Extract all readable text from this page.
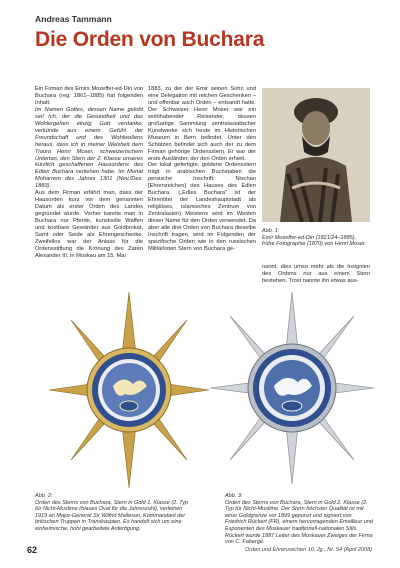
Andreas Tammann
Die Orden von Buchara

Ein Firman des Emirs Mozeffer-ed-Din von Buchara (reg. 1861–1885) hat folgenden Inhalt:

Im Namen Gottes, dessen Name gelobt sei! Ich, der die Gesundheit und das Wohlergehen einzig Gott verdanke, verkünde aus einem Gefühl der Freundschaft und des Wohlwollens heraus, dass ich in meiner Weisheit dem Tioura Henri Moser, schweizerischem Untertan, den Stern der 2. Klasse unseres kürzlich geschaffenen Hausordens des Edlen Buchara verliehen habe. Im Monat Moharrem des Jahres 1301 (Nov./Dez. 1883).

Aus dem Firman erfährt man, dass der Hausorden kurz vor dem genannten Datum als erster Orden des Landes gegründet wurde. Vorher kannte man in Buchara nur Pferde, kunstvolle Waffen und kostbare Gewänder aus Goldbrokat, Samt oder Seide als Ehrengeschenke. Zweifellos war der Anlass für die Ordensstiftung die Krönung des Zaren Alexander III. in Moskau am 15. Mai

1883, zu der der Emir seinen Sohn und eine Delegation mit reichen Geschenken – und offenbar auch Orden – entsandt hatte. Der Schweizer Henri Moser war ein wohlhabender Reisender, dessen großartige Sammlung zentralasiatischer Kunstwerke sich heute im Historischen Museum in Bern befindet. Unter den Schätzen befindet sich auch der zu dem Firman gehörige Ordensstern. Er war der erste Ausländer, der den Orden erhielt.

Der lokal gefertigte, goldene Ordensstern trägt in arabischen Buchstaben die persische Inschrift: Nischan [Ehrenzeichen] des Hauses des Edlen Buchara. („Edles Buchara“ ist der Ehrentitel der Landeshauptstadt als religiöses, islamisches Zentrum von Zentralasien) Meistens wird im Westen dieser Name für den Orden verwendet. Da aber alle drei Orden von Buchara dieselbe Inschrift tragen, wird im Folgenden der spezifische Orden wie in den russischen Militärlisten Stern von Buchara ge-

Abb. 1:
Emir Mozeffer-ed-Din (1821/24–1885), frühe Fotographie (1870) von Henri Moser.

nannt, dies umso mehr als die Insignien des Ordens nur aus einem Stern bestehen. Trost nannte ihn etwas aus-

Abb. 2:
Orden des Sterns von Buchara, Stern in Gold 1. Klasse (2. Typ für Nicht-Muslime (blaues Oval für die Jahreszahl), verliehen 1919 an Major-General Sir Wilfrid Malleson, Kommandant der britischen Truppen in Transkaspien. Es handelt sich um eine einheimische, hohl gearbeitete Anfertigung.
Abb. 3:
Orden des Sterns von Buchara, Stern in Gold 2. Klasse (2. Typ für Nicht-Muslime. Der Stern höchster Qualität ist mit einer Goldgrenze vor 1899 gepunzt und signiert von Friedrich Rückert (FR), einem hervorragenden Emailleur und Exponenten des Moskauer traditionell-nationalen Stils. Rückert wurde 1887 Leiter des Moskauer Zweiges der Firma von C. Fabergé.
62	Orden und Ehrenzeichen 10. Jg., Nr. 54 (April 2008)
